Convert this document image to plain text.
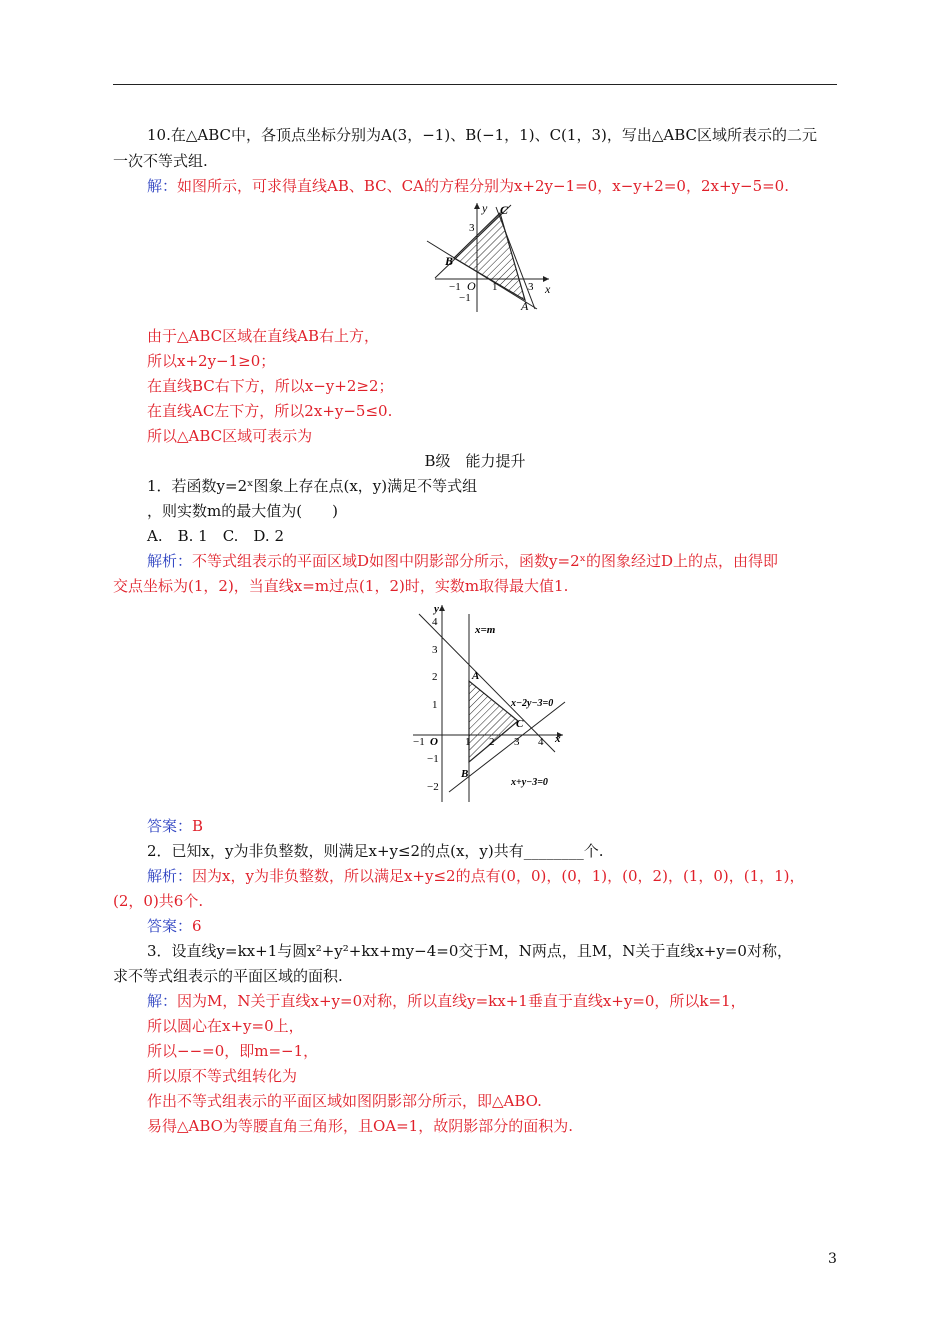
10.在△ABC中，各顶点坐标分别为A(3，−1)、B(−1，1)、C(1，3)，写出△ABC区域所表示的二元
一次不等式组.
解：如图所示，可求得直线AB、BC、CA的方程分别为x+2y−1=0，x−y+2=0，2x+y−5=0.
y
x
C
B
A
3
−1 O 1	3
−1
由于△ABC区域在直线AB右上方，
所以x+2y−1≥0；
在直线BC右下方，所以x−y+2≥2；
在直线AC左下方，所以2x+y−5≤0.
所以△ABC区域可表示为
B级　能力提升
1．若函数y=2ˣ图象上存在点(x，y)满足不等式组
，则实数m的最大值为(　　)
A.　B. 1　C.　D. 2
解析：不等式组表示的平面区域D如图中阴影部分所示，函数y=2ˣ的图象经过D上的点，由得即
交点坐标为(1，2)，当直线x=m过点(1，2)时，实数m取得最大值1.
y
x
x=m
A
B
C
O
x−2y−3=0
x+y−3=0
4
3
2
1
−1
−2
−1	1 2 3 4
答案：B
2．已知x，y为非负整数，则满足x+y≤2的点(x，y)共有________个.
解析：因为x，y为非负整数，所以满足x+y≤2的点有(0，0)，(0，1)，(0，2)，(1，0)，(1，1)，
(2，0)共6个.
答案：6
3．设直线y=kx+1与圆x²+y²+kx+my−4=0交于M，N两点，且M，N关于直线x+y=0对称，
求不等式组表示的平面区域的面积.
解：因为M，N关于直线x+y=0对称，所以直线y=kx+1垂直于直线x+y=0，所以k=1，
所以圆心在x+y=0上，
所以−−=0，即m=−1，
所以原不等式组转化为
作出不等式组表示的平面区域如图阴影部分所示，即△ABO.
易得△ABO为等腰直角三角形，且OA=1，故阴影部分的面积为.
3
